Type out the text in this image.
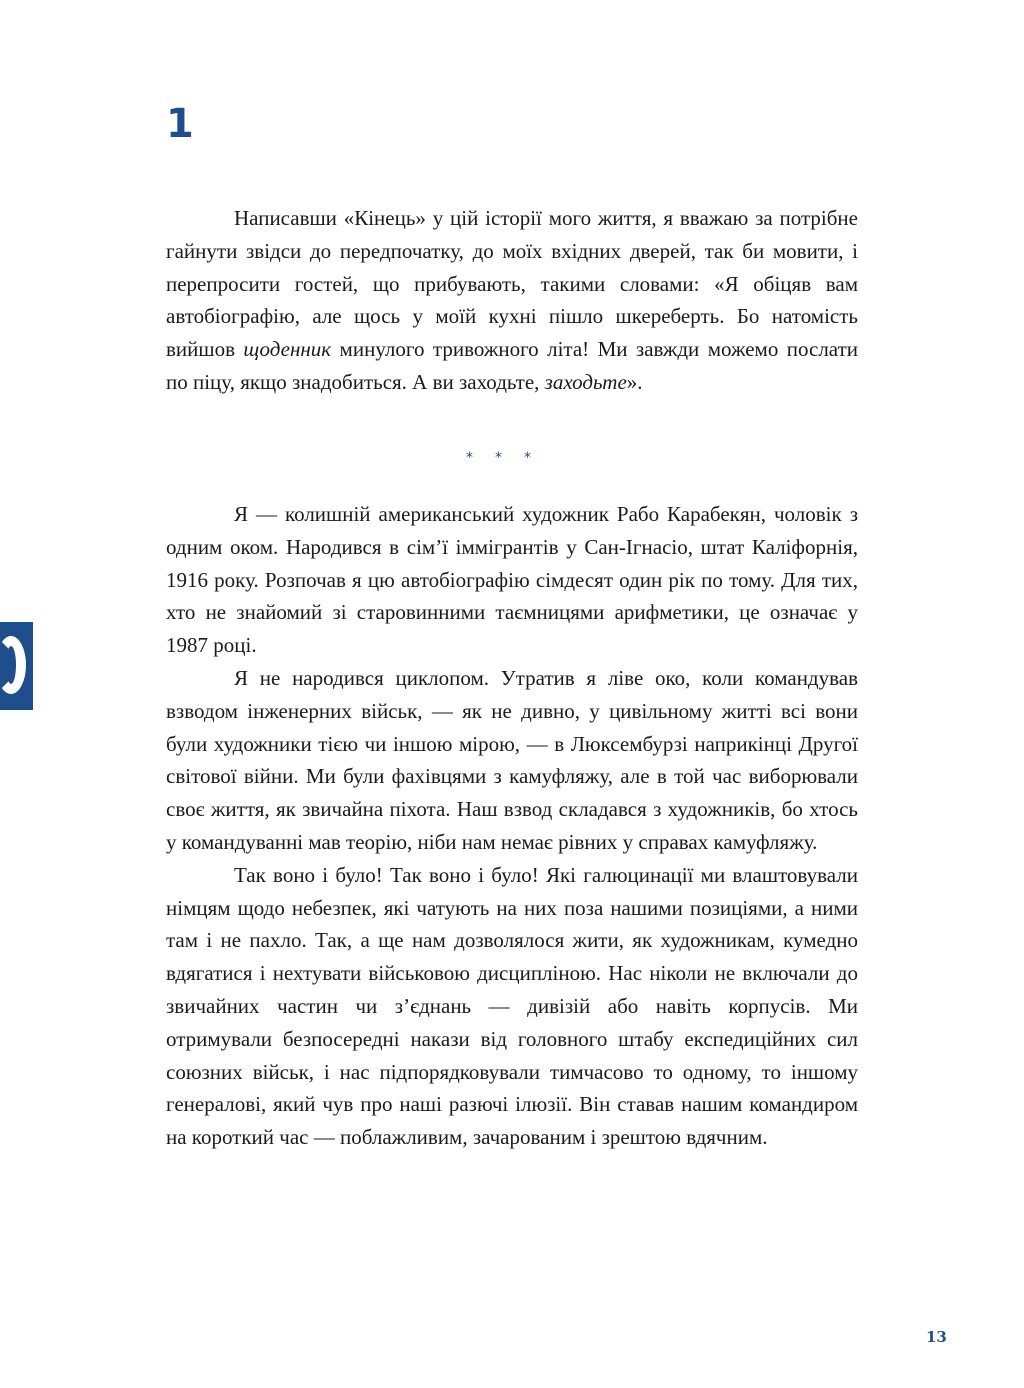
1

Написавши «Кінець» у цій історії мого життя, я вважаю за потрібне гайнути звідси до передпочатку, до моїх вхідних дверей, так би мовити, і перепросити гостей, що прибувають, такими словами: «Я обіцяв вам автобіографію, але щось у моїй кухні пішло шкереберть. Бо натомість вийшов щоденник минулого тривожного літа! Ми завжди можемо послати по піцу, якщо знадобиться. А ви заходьте, заходьте».

* * *

Я — колишній американський художник Рабо Карабекян, чоловік з одним оком. Народився в сім’ї іммігрантів у Сан-Ігнасіо, штат Каліфорнія, 1916 року. Розпочав я цю автобіографію сімдесят один рік по тому. Для тих, хто не знайомий зі старовинними таємницями арифметики, це означає у 1987 році.

Я не народився циклопом. Утратив я ліве око, коли командував взводом інженерних військ, — як не дивно, у цивільному житті всі вони були художники тією чи іншою мірою, — в Люксембурзі наприкінці Другої світової війни. Ми були фахівцями з камуфляжу, але в той час виборювали своє життя, як звичайна піхота. Наш взвод складався з художників, бо хтось у командуванні мав теорію, ніби нам немає рівних у справах камуфляжу.

Так воно і було! Так воно і було! Які галюцинації ми влаштовували німцям щодо небезпек, які чатують на них поза нашими позиціями, а ними там і не пахло. Так, а ще нам дозволялося жити, як художникам, кумедно вдягатися і нехтувати військовою дисципліною. Нас ніколи не включали до звичайних частин чи з’єднань — дивізій або навіть корпусів. Ми отримували безпосередні накази від головного штабу експедиційних сил союзних військ, і нас підпорядковували тимчасово то одному, то іншому генералові, який чув про наші разючі ілюзії. Він ставав нашим командиром на короткий час — поблажливим, зачарованим і зрештою вдячним.

13
